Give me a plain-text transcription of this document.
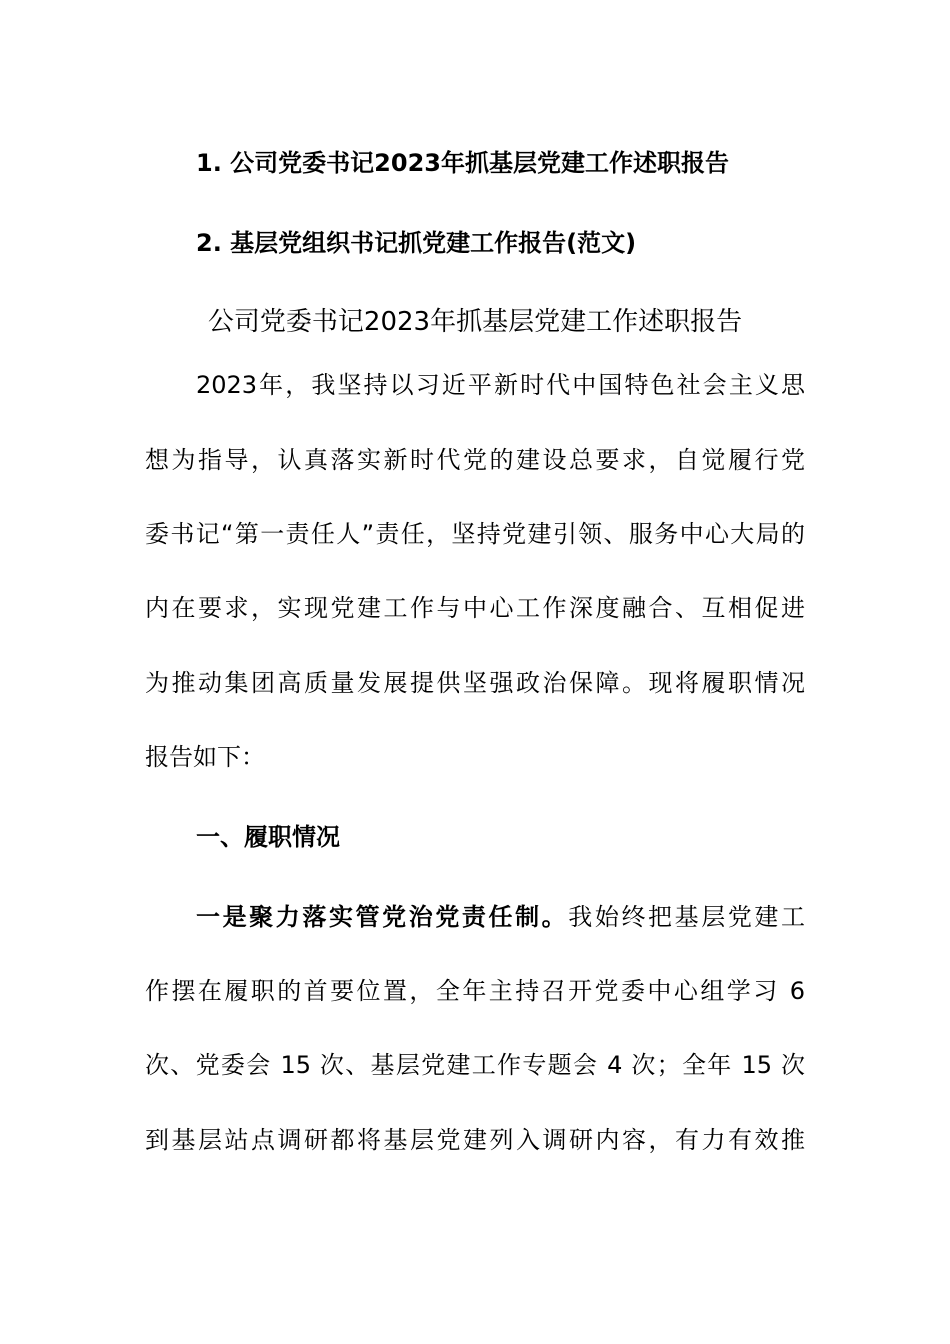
1. 公司党委书记2023年抓基层党建工作述职报告
2. 基层党组织书记抓党建工作报告(范文)
公司党委书记2023年抓基层党建工作述职报告
2023年，我坚持以习近平新时代中国特色社会主义思
想为指导，认真落实新时代党的建设总要求，自觉履行党
委书记“第一责任人”责任，坚持党建引领、服务中心大局的
内在要求，实现党建工作与中心工作深度融合、互相促进
为推动集团高质量发展提供坚强政治保障。现将履职情况
报告如下：
一、履职情况
一是聚力落实管党治党责任制。我始终把基层党建工
作摆在履职的首要位置，全年主持召开党委中心组学习 6
次、党委会 15 次、基层党建工作专题会 4 次；全年 15 次
到基层站点调研都将基层党建列入调研内容，有力有效推
